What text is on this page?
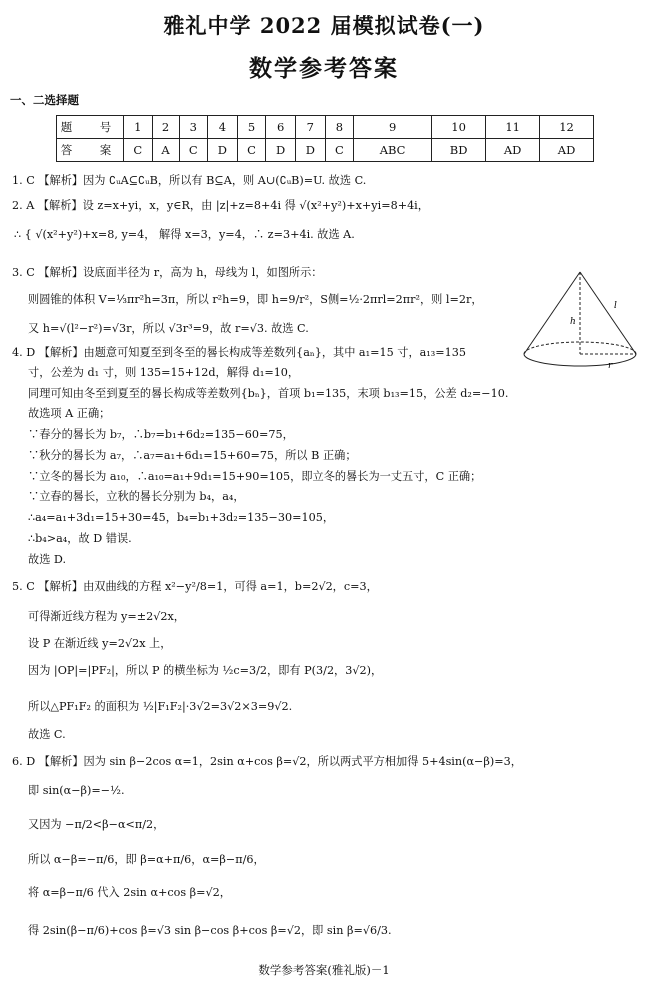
雅礼中学 2022 届模拟试卷(一)
数学参考答案
一、二选择题
题　号	1	2	3	4	5	6	7	8	9	10	11	12
答　案	C	A	C	D	C	D	D	C	ABC	BD	AD	AD
1. C 【解析】因为 ∁ᵤA⊆∁ᵤB，所以有 B⊆A，则 A∪(∁ᵤB)=U. 故选 C.
2. A 【解析】设 z=x+yi，x，y∈R，由 |z|+z=8+4i 得 √(x²+y²)+x+yi=8+4i，
∴ { √(x²+y²)+x=8, y=4， 解得 x=3，y=4，∴ z=3+4i. 故选 A.
3. C 【解析】设底面半径为 r，高为 h，母线为 l，如图所示：
则圆锥的体积 V=⅓πr²h=3π，所以 r²h=9，即 h=9/r²，S侧=½·2πrl=2πr²，则 l=2r，
又 h=√(l²−r²)=√3r，所以 √3r³=9，故 r=√3. 故选 C.
4. D 【解析】由题意可知夏至到冬至的晷长构成等差数列{aₙ}，其中 a₁=15 寸，a₁₃=135
寸，公差为 d₁ 寸，则 135=15+12d，解得 d₁=10，
同理可知由冬至到夏至的晷长构成等差数列{bₙ}，首项 b₁=135，末项 b₁₃=15，公差 d₂=−10.
故选项 A 正确；
∵春分的晷长为 b₇，∴b₇=b₁+6d₂=135−60=75，
∵秋分的晷长为 a₇，∴a₇=a₁+6d₁=15+60=75，所以 B 正确；
∵立冬的晷长为 a₁₀，∴a₁₀=a₁+9d₁=15+90=105，即立冬的晷长为一丈五寸，C 正确；
∵立春的晷长，立秋的晷长分别为 b₄，a₄，
∴a₄=a₁+3d₁=15+30=45，b₄=b₁+3d₂=135−30=105，
∴b₄>a₄，故 D 错误.
故选 D.
5. C 【解析】由双曲线的方程 x²−y²/8=1，可得 a=1，b=2√2，c=3，
可得渐近线方程为 y=±2√2x，
设 P 在渐近线 y=2√2x 上，
因为 |OP|=|PF₂|，所以 P 的横坐标为 ½c=3/2，即有 P(3/2，3√2)，
所以△PF₁F₂ 的面积为 ½|F₁F₂|·3√2=3√2×3=9√2.
故选 C.
6. D 【解析】因为 sin β−2cos α=1，2sin α+cos β=√2，所以两式平方相加得 5+4sin(α−β)=3，
即 sin(α−β)=−½.
又因为 −π/2<β−α<π/2，
所以 α−β=−π/6，即 β=α+π/6，α=β−π/6，
将 α=β−π/6 代入 2sin α+cos β=√2，
得 2sin(β−π/6)+cos β=√3 sin β−cos β+cos β=√2，即 sin β=√6/3.
h
l
r
数学参考答案(雅礼版)－1
